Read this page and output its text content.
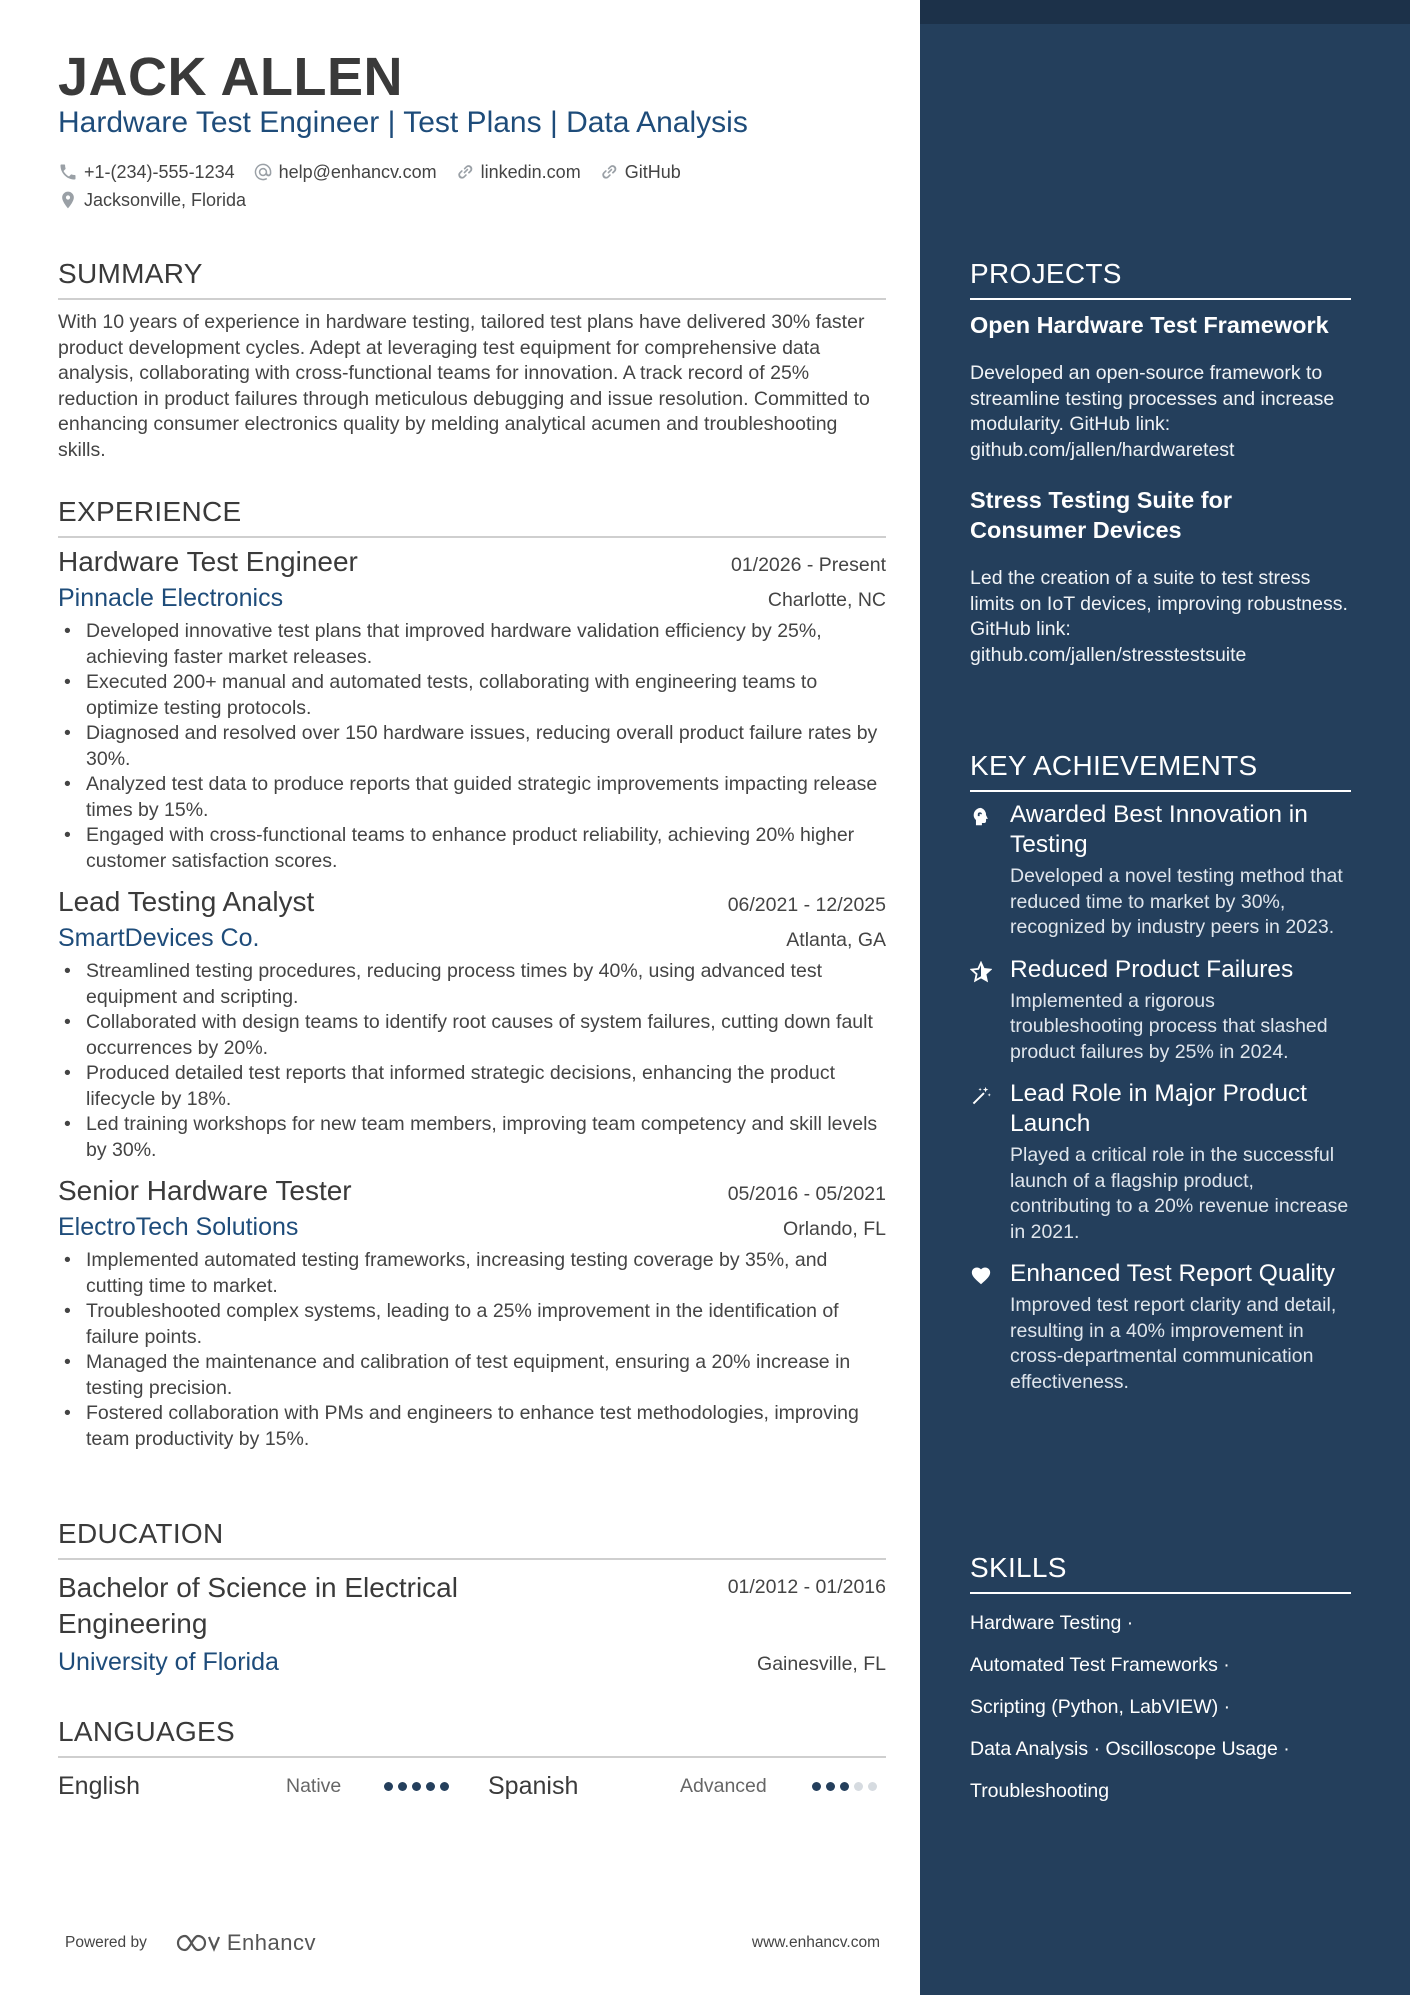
JACK ALLEN
Hardware Test Engineer | Test Plans | Data Analysis
+1-(234)-555-1234 help@enhancv.com linkedin.com GitHub
Jacksonville, Florida
SUMMARY
With 10 years of experience in hardware testing, tailored test plans have delivered 30% faster product development cycles. Adept at leveraging test equipment for comprehensive data analysis, collaborating with cross-functional teams for innovation. A track record of 25% reduction in product failures through meticulous debugging and issue resolution. Committed to enhancing consumer electronics quality by melding analytical acumen and troubleshooting skills.
EXPERIENCE
Hardware Test Engineer	01/2026 - Present
Pinnacle Electronics	Charlotte, NC
• Developed innovative test plans that improved hardware validation efficiency by 25%, achieving faster market releases.
• Executed 200+ manual and automated tests, collaborating with engineering teams to optimize testing protocols.
• Diagnosed and resolved over 150 hardware issues, reducing overall product failure rates by 30%.
• Analyzed test data to produce reports that guided strategic improvements impacting release times by 15%.
• Engaged with cross-functional teams to enhance product reliability, achieving 20% higher customer satisfaction scores.
Lead Testing Analyst	06/2021 - 12/2025
SmartDevices Co.	Atlanta, GA
• Streamlined testing procedures, reducing process times by 40%, using advanced test equipment and scripting.
• Collaborated with design teams to identify root causes of system failures, cutting down fault occurrences by 20%.
• Produced detailed test reports that informed strategic decisions, enhancing the product lifecycle by 18%.
• Led training workshops for new team members, improving team competency and skill levels by 30%.
Senior Hardware Tester	05/2016 - 05/2021
ElectroTech Solutions	Orlando, FL
• Implemented automated testing frameworks, increasing testing coverage by 35%, and cutting time to market.
• Troubleshooted complex systems, leading to a 25% improvement in the identification of failure points.
• Managed the maintenance and calibration of test equipment, ensuring a 20% increase in testing precision.
• Fostered collaboration with PMs and engineers to enhance test methodologies, improving team productivity by 15%.
EDUCATION
Bachelor of Science in Electrical Engineering
01/2012 - 01/2016
University of Florida	Gainesville, FL
LANGUAGES
English	Native	Spanish	Advanced
Powered by	Enhancv	www.enhancv.com
PROJECTS
Open Hardware Test Framework
Developed an open-source framework to streamline testing processes and increase modularity. GitHub link: github.com/jallen/hardwaretest
Stress Testing Suite for Consumer Devices
Led the creation of a suite to test stress limits on IoT devices, improving robustness. GitHub link: github.com/jallen/stresstestsuite
KEY ACHIEVEMENTS
Awarded Best Innovation in Testing
Developed a novel testing method that reduced time to market by 30%, recognized by industry peers in 2023.
Reduced Product Failures
Implemented a rigorous troubleshooting process that slashed product failures by 25% in 2024.
Lead Role in Major Product Launch
Played a critical role in the successful launch of a flagship product, contributing to a 20% revenue increase in 2021.
Enhanced Test Report Quality
Improved test report clarity and detail, resulting in a 40% improvement in cross-departmental communication effectiveness.
SKILLS
Hardware Testing ·
Automated Test Frameworks ·
Scripting (Python, LabVIEW) ·
Data Analysis · Oscilloscope Usage ·
Troubleshooting
